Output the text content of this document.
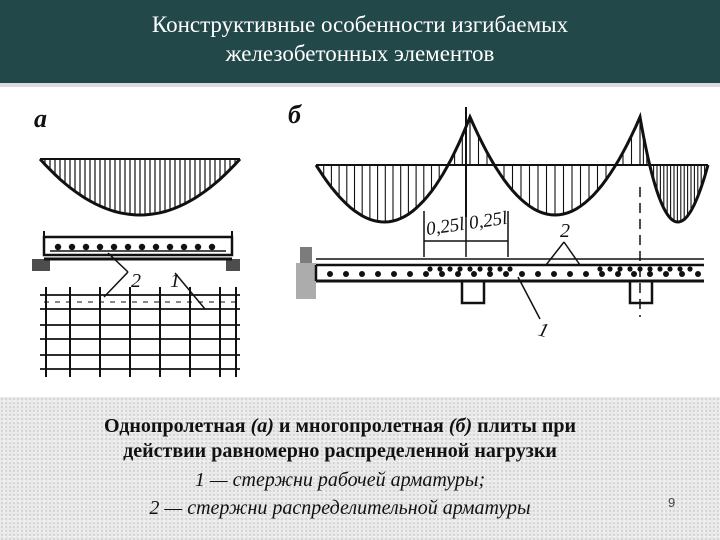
Конструктивные особенности изгибаемых
железобетонных элементов
а
2 1
б
0,25l 0,25l	2
1
Однопролетная (а) и многопролетная (б) плиты при
действии равномерно распределенной нагрузки
1 — стержни рабочей арматуры;
2 — стержни распределительной арматуры	9
